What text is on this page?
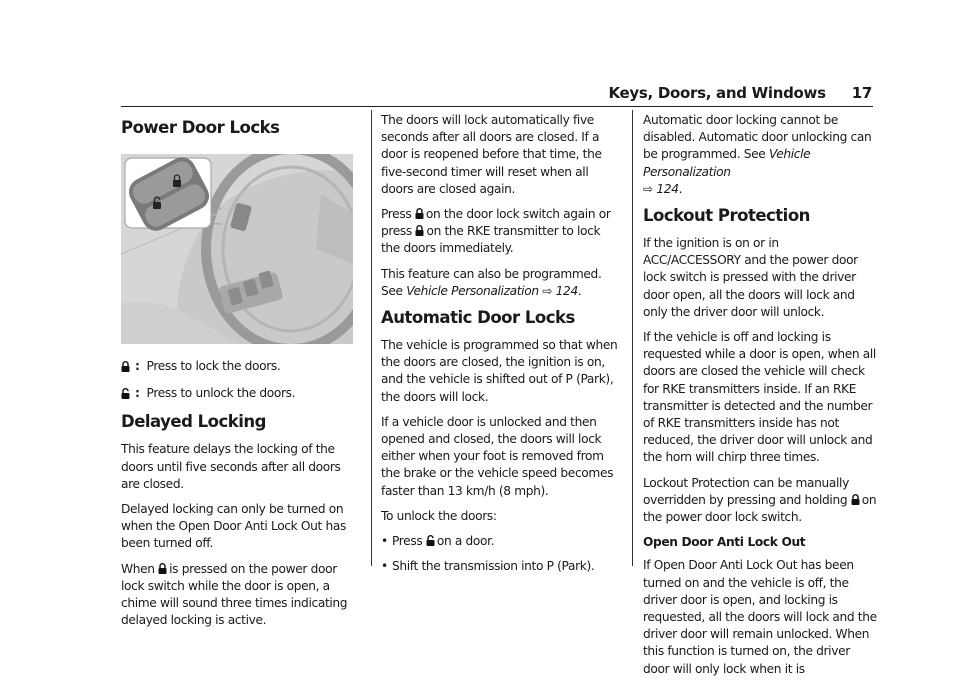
Keys, Doors, and Windows 17
Power Door Locks
: Press to lock the doors.
: Press to unlock the doors.
Delayed Locking

This feature delays the locking of the doors until five seconds after all doors are closed.

Delayed locking can only be turned on when the Open Door Anti Lock Out has been turned off.

When is pressed on the power door lock switch while the door is open, a chime will sound three times indicating delayed locking is active.

The doors will lock automatically five seconds after all doors are closed. If a door is reopened before that time, the five-second timer will reset when all doors are closed again.

Press on the door lock switch again or press on the RKE transmitter to lock the doors immediately.

This feature can also be programmed. See Vehicle Personalization ⇨ 124.

Automatic Door Locks

The vehicle is programmed so that when the doors are closed, the ignition is on, and the vehicle is shifted out of P (Park), the doors will lock.

If a vehicle door is unlocked and then opened and closed, the doors will lock either when your foot is removed from the brake or the vehicle speed becomes faster than 13 km/h (8 mph).

To unlock the doors:

• Press on a door.
• Shift the transmission into P (Park).

Automatic door locking cannot be disabled. Automatic door unlocking can be programmed. See Vehicle Personalization
⇨ 124.

Lockout Protection

If the ignition is on or in ACC/ACCESSORY and the power door lock switch is pressed with the driver door open, all the doors will lock and only the driver door will unlock.

If the vehicle is off and locking is requested while a door is open, when all doors are closed the vehicle will check for RKE transmitters inside. If an RKE transmitter is detected and the number of RKE transmitters inside has not reduced, the driver door will unlock and the horn will chirp three times.

Lockout Protection can be manually overridden by pressing and holding on the power door lock switch.

Open Door Anti Lock Out

If Open Door Anti Lock Out has been turned on and the vehicle is off, the driver door is open, and locking is requested, all the doors will lock and the driver door will remain unlocked. When this function is turned on, the driver door will only lock when it is
